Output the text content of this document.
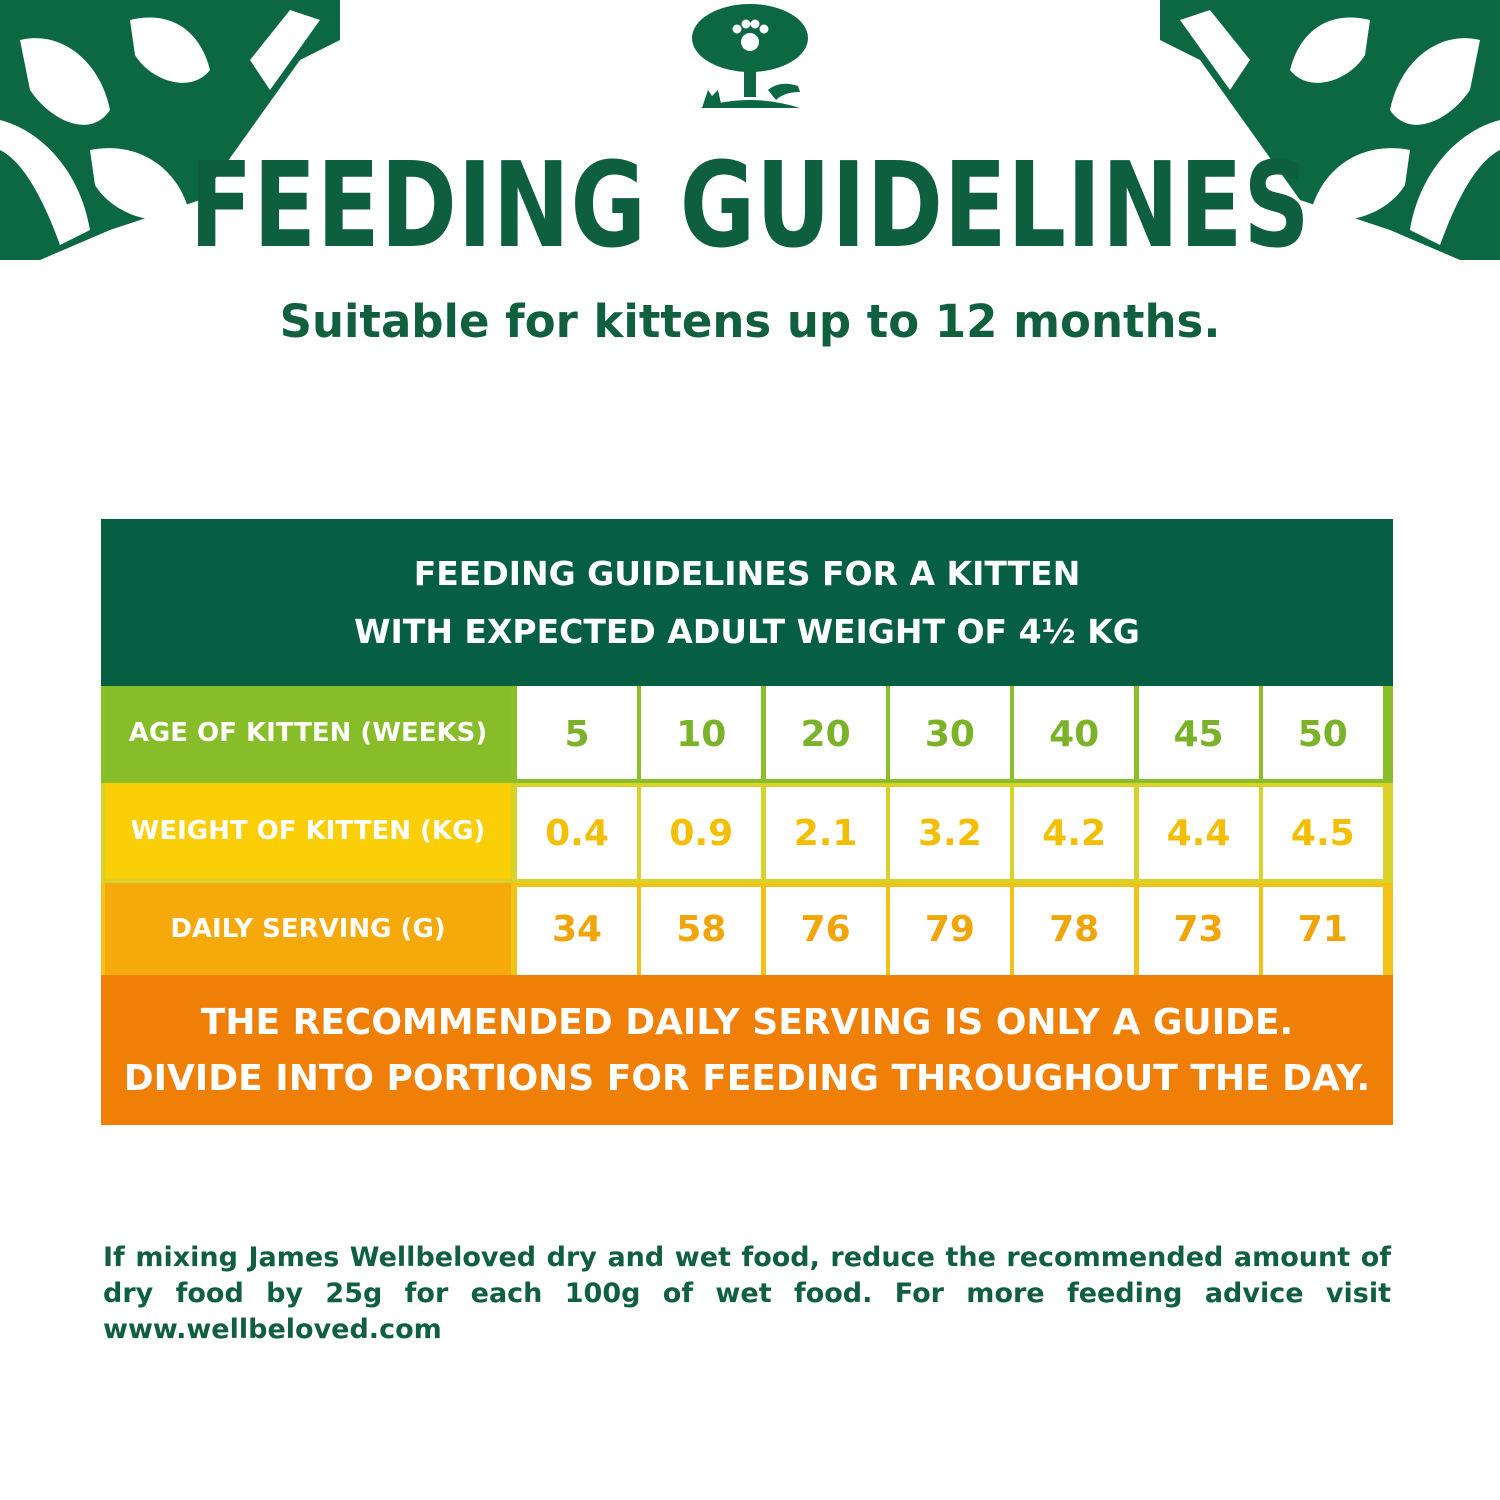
FEEDING GUIDELINES
Suitable for kittens up to 12 months.
FEEDING GUIDELINES FOR A KITTEN
WITH EXPECTED ADULT WEIGHT OF 4½ KG
AGE OF KITTEN (WEEKS)	5	10	20	30	40	45	50
WEIGHT OF KITTEN (KG)	0.4	0.9	2.1	3.2	4.2	4.4	4.5
DAILY SERVING (G)	34	58	76	79	78	73	71
THE RECOMMENDED DAILY SERVING IS ONLY A GUIDE.
DIVIDE INTO PORTIONS FOR FEEDING THROUGHOUT THE DAY.
If mixing James Wellbeloved dry and wet food, reduce the recommended amount of dry food by 25g for each 100g of wet food. For more feeding advice visit www.wellbeloved.com
